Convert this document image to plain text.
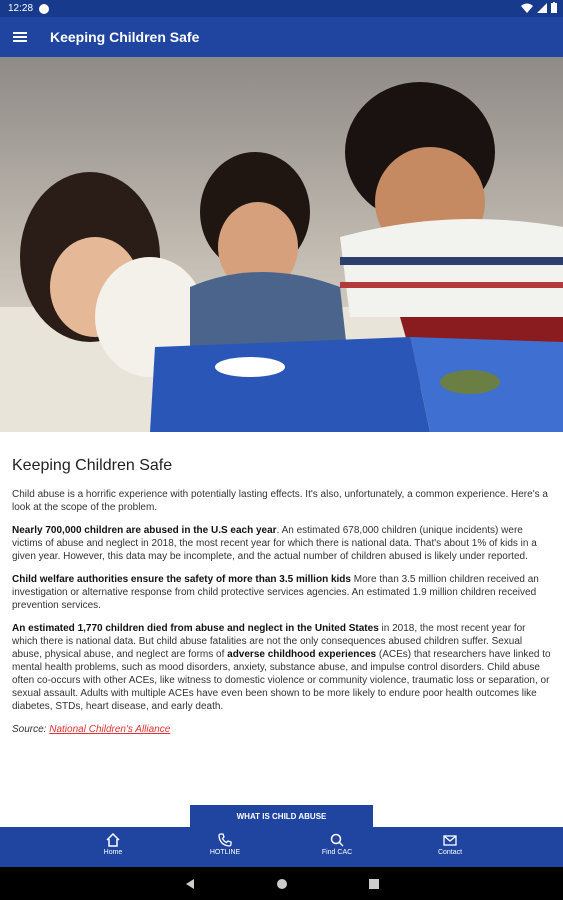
12:28
Keeping Children Safe
Keeping Children Safe

Child abuse is a horrific experience with potentially lasting effects. It's also, unfortunately, a common experience. Here's a look at the scope of the problem.

Nearly 700,000 children are abused in the U.S each year. An estimated 678,000 children (unique incidents) were victims of abuse and neglect in 2018, the most recent year for which there is national data. That's about 1% of kids in a given year. However, this data may be incomplete, and the actual number of children abused is likely under reported.

Child welfare authorities ensure the safety of more than 3.5 million kids More than 3.5 million children received an investigation or alternative response from child protective services agencies. An estimated 1.9 million children received prevention services.

An estimated 1,770 children died from abuse and neglect in the United States in 2018, the most recent year for which there is national data. But child abuse fatalities are not the only consequences abused children suffer. Sexual abuse, physical abuse, and neglect are forms of adverse childhood experiences (ACEs) that researchers have linked to mental health problems, such as mood disorders, anxiety, substance abuse, and impulse control disorders. Child abuse often co-occurs with other ACEs, like witness to domestic violence or community violence, traumatic loss or separation, or sexual assault. Adults with multiple ACEs have even been shown to be more likely to endure poor health outcomes like diabetes, STDs, heart disease, and early death.

Source: National Children's Alliance

WHAT IS CHILD ABUSE
Home	HOTLINE	Find CAC	Contact
